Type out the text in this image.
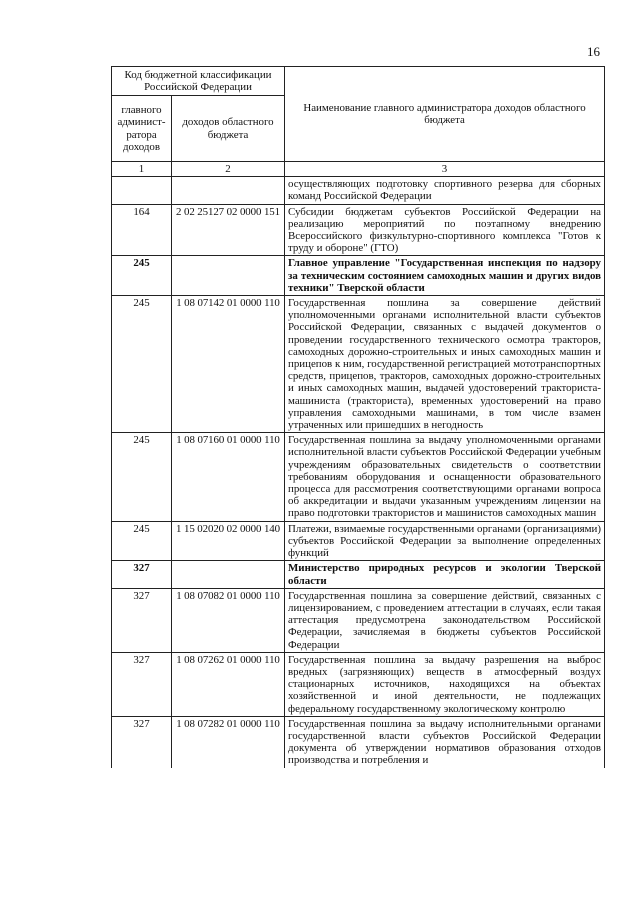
16
Код бюджетной классификации Российской Федерации		Наименование главного администратора доходов областного бюджета
главного админист-ратора доходов	доходов областного бюджета	
1	2	3
		осуществляющих подготовку спортивного резерва для сборных команд Российской Федерации
164	2 02 25127 02 0000 151	Субсидии бюджетам субъектов Российской Федерации на реализацию мероприятий по поэтапному внедрению Всероссийского физкультурно-спортивного комплекса "Готов к труду и обороне" (ГТО)
245		Главное управление "Государственная инспекция по надзору за техническим состоянием самоходных машин и других видов техники" Тверской области
245	1 08 07142 01 0000 110	Государственная пошлина за совершение действий уполномоченными органами исполнительной власти субъектов Российской Федерации, связанных с выдачей документов о проведении государственного технического осмотра тракторов, самоходных дорожно-строительных и иных самоходных машин и прицепов к ним, государственной регистрацией мототранспортных средств, прицепов, тракторов, самоходных дорожно-строительных и иных самоходных машин, выдачей удостоверений тракториста-машиниста (тракториста), временных удостоверений на право управления самоходными машинами, в том числе взамен утраченных или пришедших в негодность
245	1 08 07160 01 0000 110	Государственная пошлина за выдачу уполномоченными органами исполнительной власти субъектов Российской Федерации учебным учреждениям образовательных свидетельств о соответствии требованиям оборудования и оснащенности образовательного процесса для рассмотрения соответствующими органами вопроса об аккредитации и выдачи указанным учреждениям лицензии на право подготовки трактористов и машинистов самоходных машин
245	1 15 02020 02 0000 140	Платежи, взимаемые государственными органами (организациями) субъектов Российской Федерации за выполнение определенных функций
327		Министерство природных ресурсов и экологии Тверской области
327	1 08 07082 01 0000 110	Государственная пошлина за совершение действий, связанных с лицензированием, с проведением аттестации в случаях, если такая аттестация предусмотрена законодательством Российской Федерации, зачисляемая в бюджеты субъектов Российской Федерации
327	1 08 07262 01 0000 110	Государственная пошлина за выдачу разрешения на выброс вредных (загрязняющих) веществ в атмосферный воздух стационарных источников, находящихся на объектах хозяйственной и иной деятельности, не подлежащих федеральному государственному экологическому контролю
327	1 08 07282 01 0000 110	Государственная пошлина за выдачу исполнительными органами государственной власти субъектов Российской Федерации документа об утверждении нормативов образования отходов производства и потребления и
